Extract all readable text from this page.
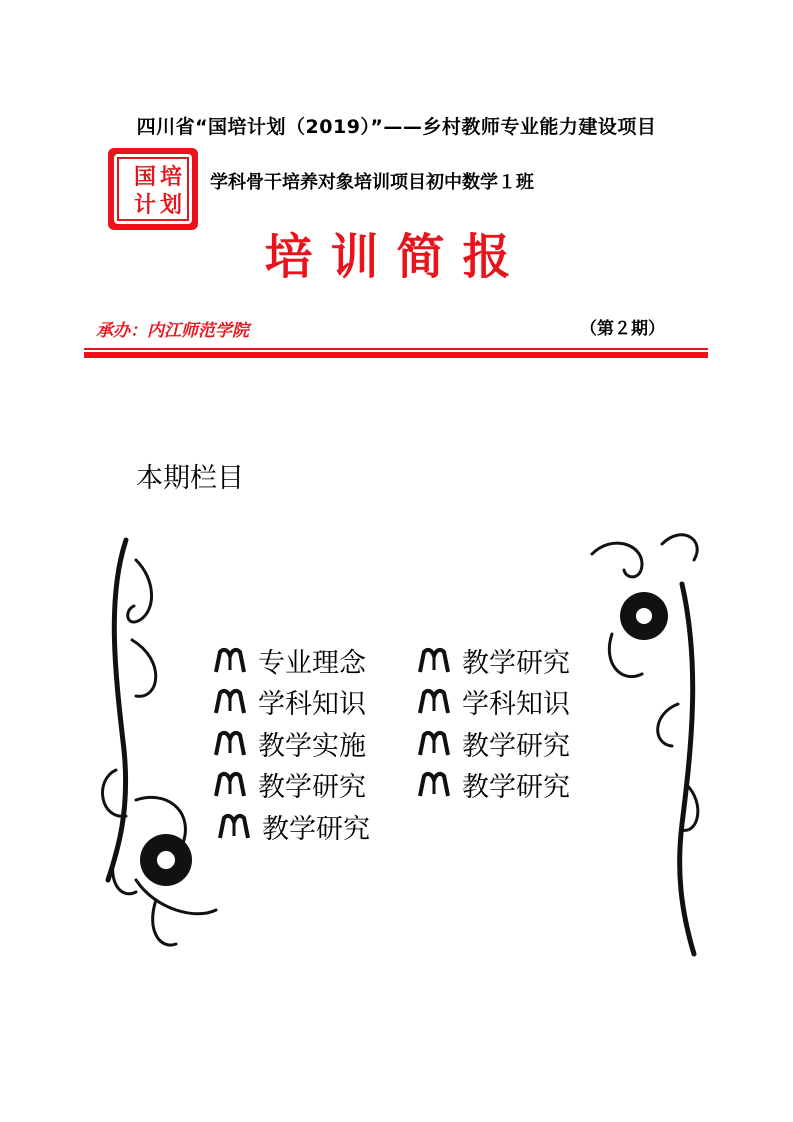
四川省“国培计划（2019）”——乡村教师专业能力建设项目
国 培
计 划
学科骨干培养对象培训项目初中数学１班
培训简报
承办：内江师范学院	（第２期）
本期栏目
专业理念
学科知识
教学实施
教学研究
教学研究
教学研究
学科知识
教学研究
教学研究
